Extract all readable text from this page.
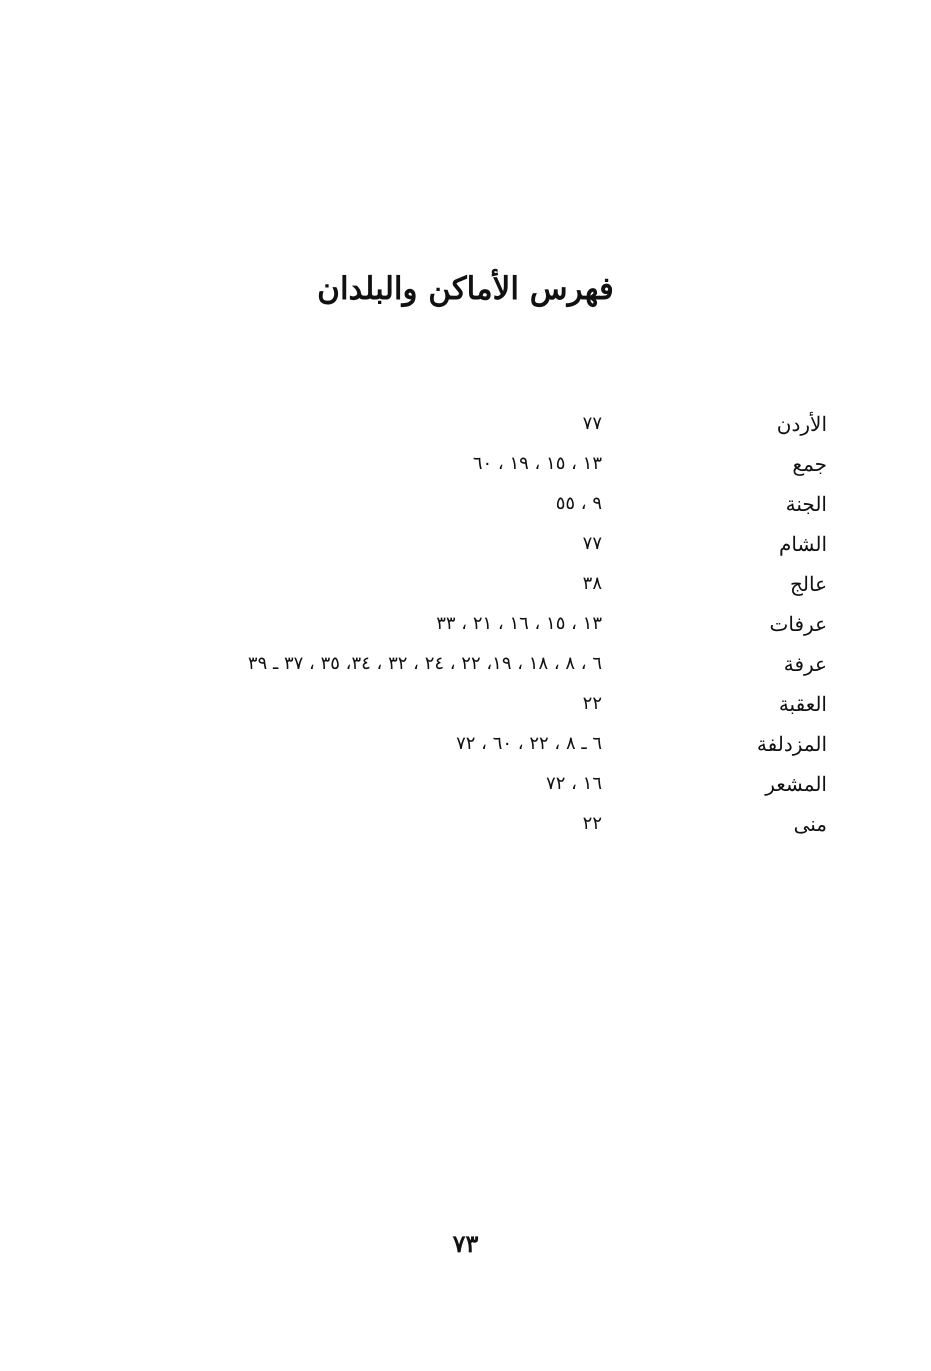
فهرس الأماكن والبلدان
الأردن
٧٧
جمع
١٣ ، ١٥ ، ١٩ ، ٦٠
الجنة
٩ ، ٥٥
الشام
٧٧
عالج
٣٨
عرفات
١٣ ، ١٥ ، ١٦ ، ٢١ ، ٣٣
عرفة
٦ ، ٨ ، ١٨ ، ١٩، ٢٢ ، ٢٤ ، ٣٢ ، ٣٤، ٣٥ ، ٣٧ ـ ٣٩
العقبة
٢٢
المزدلفة
٦ ـ ٨ ، ٢٢ ، ٦٠ ، ٧٢
المشعر
١٦ ، ٧٢
منى
٢٢
٧٣
